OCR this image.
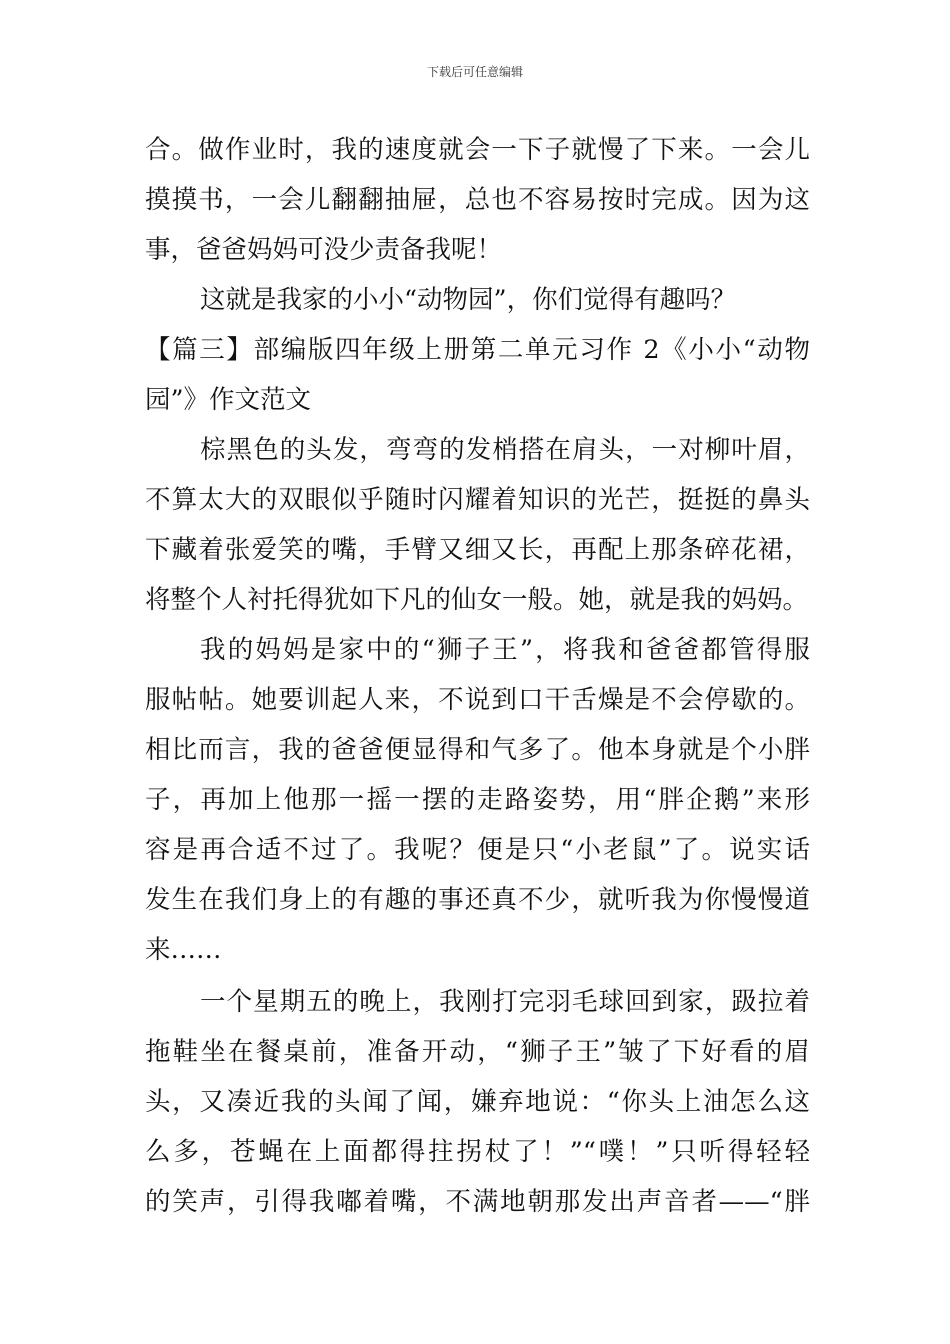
下载后可任意编辑
合。做作业时，我的速度就会一下子就慢了下来。一会儿
摸摸书，一会儿翻翻抽屉，总也不容易按时完成。因为这
事，爸爸妈妈可没少责备我呢！
这就是我家的小小“动物园”，你们觉得有趣吗？
【篇三】部编版四年级上册第二单元习作 2《小小“动物
园”》作文范文
棕黑色的头发，弯弯的发梢搭在肩头，一对柳叶眉，
不算太大的双眼似乎随时闪耀着知识的光芒，挺挺的鼻头
下藏着张爱笑的嘴，手臂又细又长，再配上那条碎花裙，
将整个人衬托得犹如下凡的仙女一般。她，就是我的妈妈。
我的妈妈是家中的“狮子王”，将我和爸爸都管得服
服帖帖。她要训起人来，不说到口干舌燥是不会停歇的。
相比而言，我的爸爸便显得和气多了。他本身就是个小胖
子，再加上他那一摇一摆的走路姿势，用“胖企鹅”来形
容是再合适不过了。我呢？便是只“小老鼠”了。说实话
发生在我们身上的有趣的事还真不少，就听我为你慢慢道
来……
一个星期五的晚上，我刚打完羽毛球回到家，趿拉着
拖鞋坐在餐桌前，准备开动，“狮子王”皱了下好看的眉
头，又凑近我的头闻了闻，嫌弃地说：“你头上油怎么这
么多，苍蝇在上面都得拄拐杖了！”“噗！”只听得轻轻
的笑声，引得我嘟着嘴，不满地朝那发出声音者——“胖
